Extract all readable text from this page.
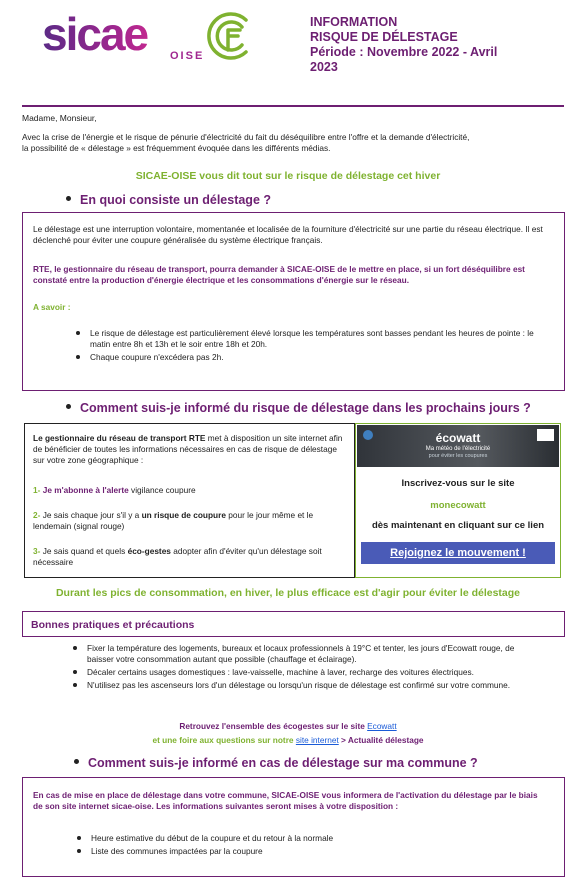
sicae OISE
INFORMATION
RISQUE DE DÉLESTAGE
Période : Novembre 2022 - Avril
2023
Madame, Monsieur,
Avec la crise de l'énergie et le risque de pénurie d'électricité du fait du déséquilibre entre l'offre et la demande d'électricité,
la possibilité de « délestage » est fréquemment évoquée dans les différents médias.
SICAE-OISE vous dit tout sur le risque de délestage cet hiver
En quoi consiste un délestage ?
Le délestage est une interruption volontaire, momentanée et localisée de la fourniture d'électricité sur une partie du réseau électrique. Il est déclenché pour éviter une coupure généralisée du système électrique français.
RTE, le gestionnaire du réseau de transport, pourra demander à SICAE-OISE de le mettre en place, si un fort déséquilibre est constaté entre la production d'énergie électrique et les consommations d'énergie sur le réseau.
A savoir :
Le risque de délestage est particulièrement élevé lorsque les températures sont basses pendant les heures de pointe : le matin entre 8h et 13h et le soir entre 18h et 20h.
Chaque coupure n'excédera pas 2h.
Comment suis-je informé du risque de délestage dans les prochains jours ?

Le gestionnaire du réseau de transport RTE met à disposition un site internet afin de bénéficier de toutes les informations nécessaires en cas de risque de délestage sur votre zone géographique :

1- Je m'abonne à l'alerte vigilance coupure

2- Je sais chaque jour s'il y a un risque de coupure pour le jour même et le lendemain (signal rouge)

3- Je sais quand et quels éco-gestes adopter afin d'éviter qu'un délestage soit nécessaire

écowatt
Ma météo de l'électricité
pour éviter les coupures
Inscrivez-vous sur le site
monecowatt
dès maintenant en cliquant sur ce lien
Rejoignez le mouvement !
Durant les pics de consommation, en hiver, le plus efficace est d'agir pour éviter le délestage
Bonnes pratiques et précautions
Fixer la température des logements, bureaux et locaux professionnels à 19°C et tenter, les jours d'Ecowatt rouge, de baisser votre consommation autant que possible (chauffage et éclairage).
Décaler certains usages domestiques : lave-vaisselle, machine à laver, recharge des voitures électriques.
N'utilisez pas les ascenseurs lors d'un délestage ou lorsqu'un risque de délestage est confirmé sur votre commune.
Retrouvez l'ensemble des écogestes sur le site Ecowatt
et une foire aux questions sur notre site internet > Actualité délestage
Comment suis-je informé en cas de délestage sur ma commune ?
En cas de mise en place de délestage dans votre commune, SICAE-OISE vous informera de l'activation du délestage par le biais de son site internet sicae-oise. Les informations suivantes seront mises à votre disposition :
Heure estimative du début de la coupure et du retour à la normale
Liste des communes impactées par la coupure
